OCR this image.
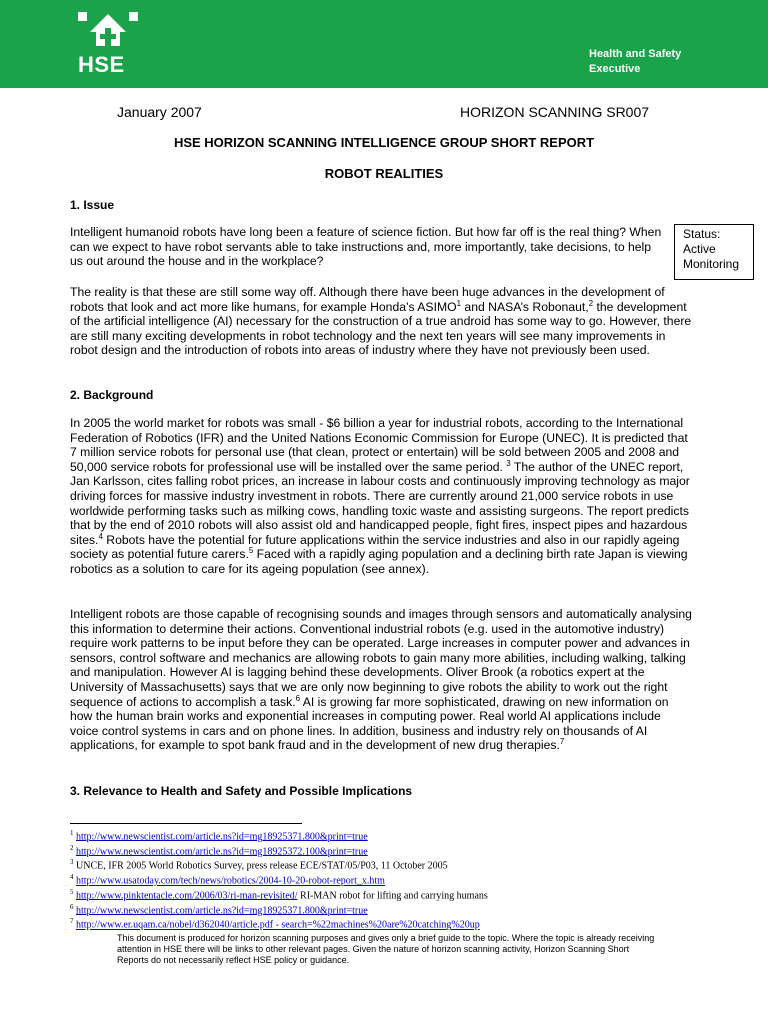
HSE	Health and Safety
Executive
January 2007	HORIZON SCANNING SR007
HSE HORIZON SCANNING INTELLIGENCE GROUP SHORT REPORT
ROBOT REALITIES
1. Issue

Intelligent humanoid robots have long been a feature of science fiction. But how far off is the real thing? When can we expect to have robot servants able to take instructions and, more importantly, take decisions, to help us out around the house and in the workplace?

Status:
Active
Monitoring

The reality is that these are still some way off. Although there have been huge advances in the development of robots that look and act more like humans, for example Honda’s ASIMO$^1$ and NASA’s Robonaut,$^2$ the development of the artificial intelligence (AI) necessary for the construction of a true android has some way to go. However, there are still many exciting developments in robot technology and the next ten years will see many improvements in robot design and the introduction of robots into areas of industry where they have not previously been used.

2. Background

In 2005 the world market for robots was small - $6 billion a year for industrial robots, according to the International Federation of Robotics (IFR) and the United Nations Economic Commission for Europe (UNEC). It is predicted that 7 million service robots for personal use (that clean, protect or entertain) will be sold between 2005 and 2008 and 50,000 service robots for professional use will be installed over the same period. $^3$ The author of the UNEC report, Jan Karlsson, cites falling robot prices, an increase in labour costs and continuously improving technology as major driving forces for massive industry investment in robots. There are currently around 21,000 service robots in use worldwide performing tasks such as milking cows, handling toxic waste and assisting surgeons. The report predicts that by the end of 2010 robots will also assist old and handicapped people, fight fires, inspect pipes and hazardous sites.$^4$ Robots have the potential for future applications within the service industries and also in our rapidly ageing society as potential future carers.$^5$ Faced with a rapidly aging population and a declining birth rate Japan is viewing robotics as a solution to care for its ageing population (see annex).

Intelligent robots are those capable of recognising sounds and images through sensors and automatically analysing this information to determine their actions. Conventional industrial robots (e.g. used in the automotive industry) require work patterns to be input before they can be operated. Large increases in computer power and advances in sensors, control software and mechanics are allowing robots to gain many more abilities, including walking, talking and manipulation. However AI is lagging behind these developments. Oliver Brook (a robotics expert at the University of Massachusetts) says that we are only now beginning to give robots the ability to work out the right sequence of actions to accomplish a task.$^6$ AI is growing far more sophisticated, drawing on new information on how the human brain works and exponential increases in computing power. Real world AI applications include voice control systems in cars and on phone lines. In addition, business and industry rely on thousands of AI applications, for example to spot bank fraud and in the development of new drug therapies.$^7$

3. Relevance to Health and Safety and Possible Implications
$^1$ http://www.newscientist.com/article.ns?id=mg18925371.800&print=true
$^2$ http://www.newscientist.com/article.ns?id=mg18925372.100&print=true
$^3$ UNCE, IFR 2005 World Robotics Survey, press release ECE/STAT/05/P03, 11 October 2005
$^4$ http://www.usatoday.com/tech/news/robotics/2004-10-20-robot-report_x.htm
$^5$ http://www.pinktentacle.com/2006/03/ri-man-revisited/ RI-MAN robot for lifting and carrying humans
$^6$ http://www.newscientist.com/article.ns?id=mg18925371.800&print=true
$^7$ http://www.er.uqam.ca/nobel/d362040/article.pdf - search=%22machines%20are%20catching%20up
This document is produced for horizon scanning purposes and gives only a brief guide to the topic. Where the topic is already receiving attention in HSE there will be links to other relevant pages. Given the nature of horizon scanning activity, Horizon Scanning Short Reports do not necessarily reflect HSE policy or guidance.
